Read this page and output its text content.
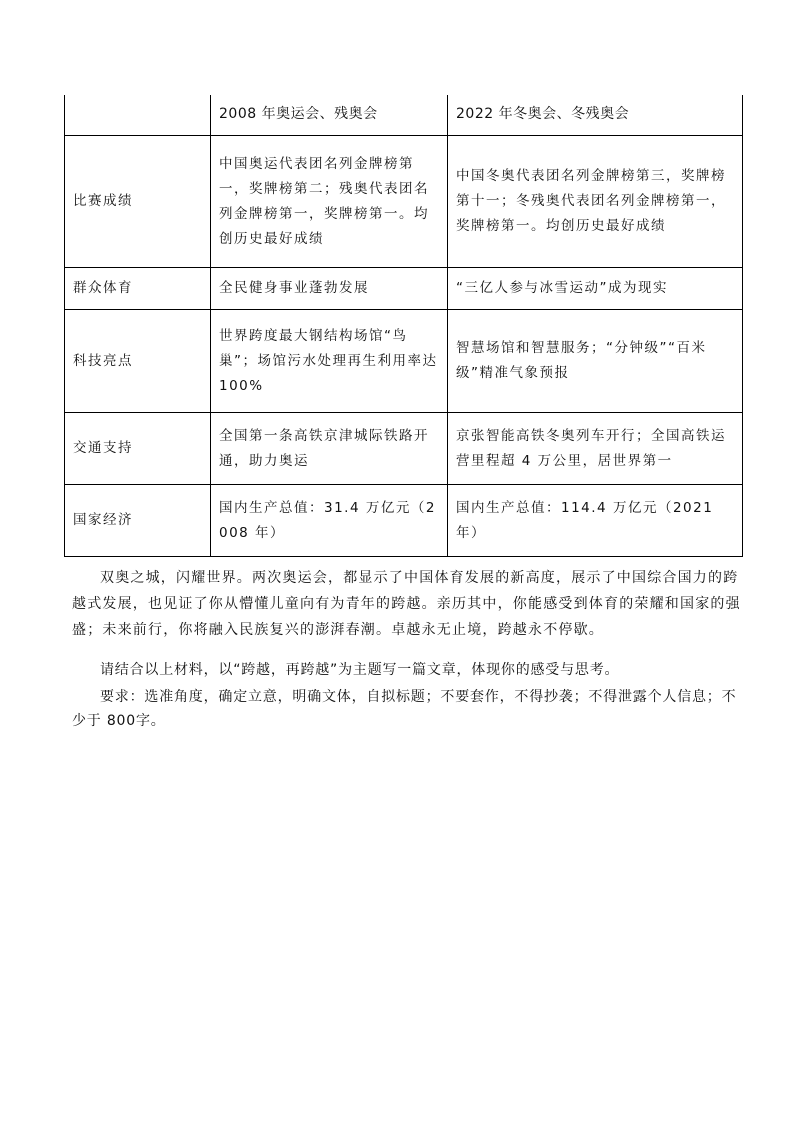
	2008 年奥运会、残奥会	2022 年冬奥会、冬残奥会
比赛成绩	中国奥运代表团名列金牌榜第一，奖牌榜第二；残奥代表团名列金牌榜第一，奖牌榜第一。均创历史最好成绩	中国冬奥代表团名列金牌榜第三，奖牌榜第十一；冬残奥代表团名列金牌榜第一，奖牌榜第一。均创历史最好成绩
群众体育	全民健身事业蓬勃发展	“三亿人参与冰雪运动”成为现实
科技亮点	世界跨度最大钢结构场馆“鸟巢”；场馆污水处理再生利用率达 100%	智慧场馆和智慧服务；“分钟级”“百米级”精准气象预报
交通支持	全国第一条高铁京津城际铁路开通，助力奥运	京张智能高铁冬奥列车开行；全国高铁运营里程超 4 万公里，居世界第一
国家经济	国内生产总值：31.4 万亿元（2008 年）	国内生产总值：114.4 万亿元（2021 年）

双奥之城，闪耀世界。两次奥运会，都显示了中国体育发展的新高度，展示了中国综合国力的跨越式发展，也见证了你从懵懂儿童向有为青年的跨越。亲历其中，你能感受到体育的荣耀和国家的强盛；未来前行，你将融入民族复兴的澎湃春潮。卓越永无止境，跨越永不停歇。

请结合以上材料，以“跨越，再跨越”为主题写一篇文章，体现你的感受与思考。

要求：选准角度，确定立意，明确文体，自拟标题；不要套作，不得抄袭；不得泄露个人信息；不少于 800字。
